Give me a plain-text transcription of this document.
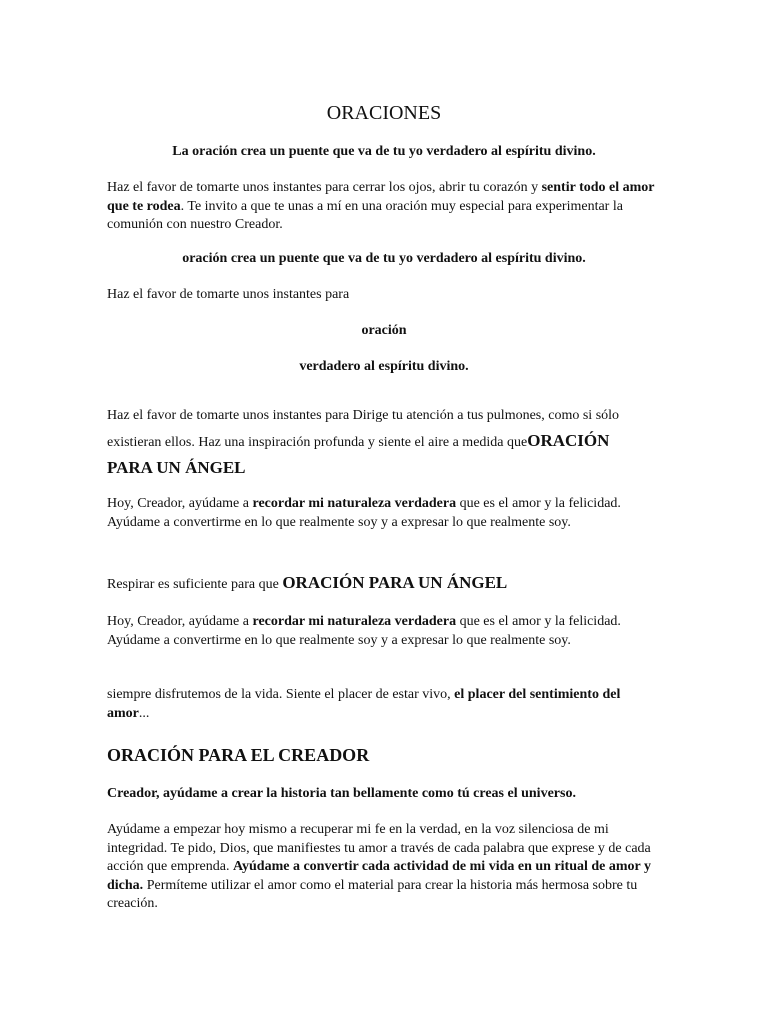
ORACIONES

La oración crea un puente que va de tu yo verdadero al espíritu divino.

Haz el favor de tomarte unos instantes para cerrar los ojos, abrir tu corazón y sentir todo el amor que te rodea. Te invito a que te unas a mí en una oración muy especial para experimentar la comunión con nuestro Creador.

oración crea un puente que va de tu yo verdadero al espíritu divino.

Haz el favor de tomarte unos instantes para

oración

verdadero al espíritu divino.

Haz el favor de tomarte unos instantes para Dirige tu atención a tus pulmones, como si sólo existieran ellos. Haz una inspiración profunda y siente el aire a medida queORACIÓN
PARA UN ÁNGEL

Hoy, Creador, ayúdame a recordar mi naturaleza verdadera que es el amor y la felicidad. Ayúdame a convertirme en lo que realmente soy y a expresar lo que realmente soy.

Respirar es suficiente para que ORACIÓN PARA UN ÁNGEL

Hoy, Creador, ayúdame a recordar mi naturaleza verdadera que es el amor y la felicidad. Ayúdame a convertirme en lo que realmente soy y a expresar lo que realmente soy.

siempre disfrutemos de la vida. Siente el placer de estar vivo, el placer del sentimiento del amor...

ORACIÓN PARA EL CREADOR

Creador, ayúdame a crear la historia tan bellamente como tú creas el universo.

Ayúdame a empezar hoy mismo a recuperar mi fe en la verdad, en la voz silenciosa de mi integridad. Te pido, Dios, que manifiestes tu amor a través de cada palabra que exprese y de cada acción que emprenda. Ayúdame a convertir cada actividad de mi vida en un ritual de amor y dicha. Permíteme utilizar el amor como el material para crear la historia más hermosa sobre tu creación.
